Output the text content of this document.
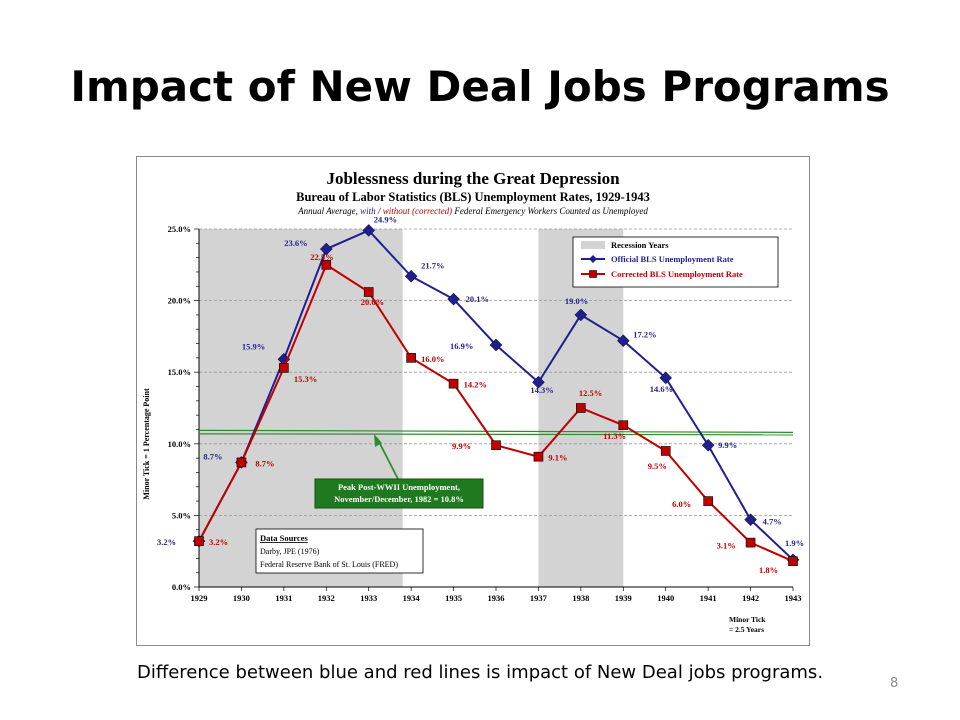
Impact of New Deal Jobs Programs
0.0%
5.0%
10.0%
15.0%
20.0%
25.0%
1929	1930	1931	1932	1933	1934	1935	1936	1937	1938	1939	1940	1941	1942	1943
3.2%
8.7%
15.9%
23.6%
24.9%
21.7%
20.1%
16.9%
14.3%
19.0%
17.2%
14.6%
9.9%
4.7%
1.9%
3.2%
8.7%
15.3%
22.5%
20.6%
16.0%
14.2%
9.9%
9.1%
12.5%
11.3%
9.5%
6.0%
3.1%
1.8%
Joblessness during the Great Depression
Bureau of Labor Statistics (BLS) Unemployment Rates, 1929-1943
Annual Average, with / without (corrected) Federal Emergency Workers Counted as Unemployed
Minor Tick = 1 Percentage Point
Minor Tick
= 2.5 Years
Recession Years
Official BLS Unemployment Rate
Corrected BLS Unemployment Rate
Peak Post-WWII Unemployment,
November/December, 1982 = 10.8%
Data Sources
Darby, JPE (1976)
Federal Reserve Bank of St. Louis (FRED)
Difference between blue and red lines is impact of New Deal jobs programs.
8
